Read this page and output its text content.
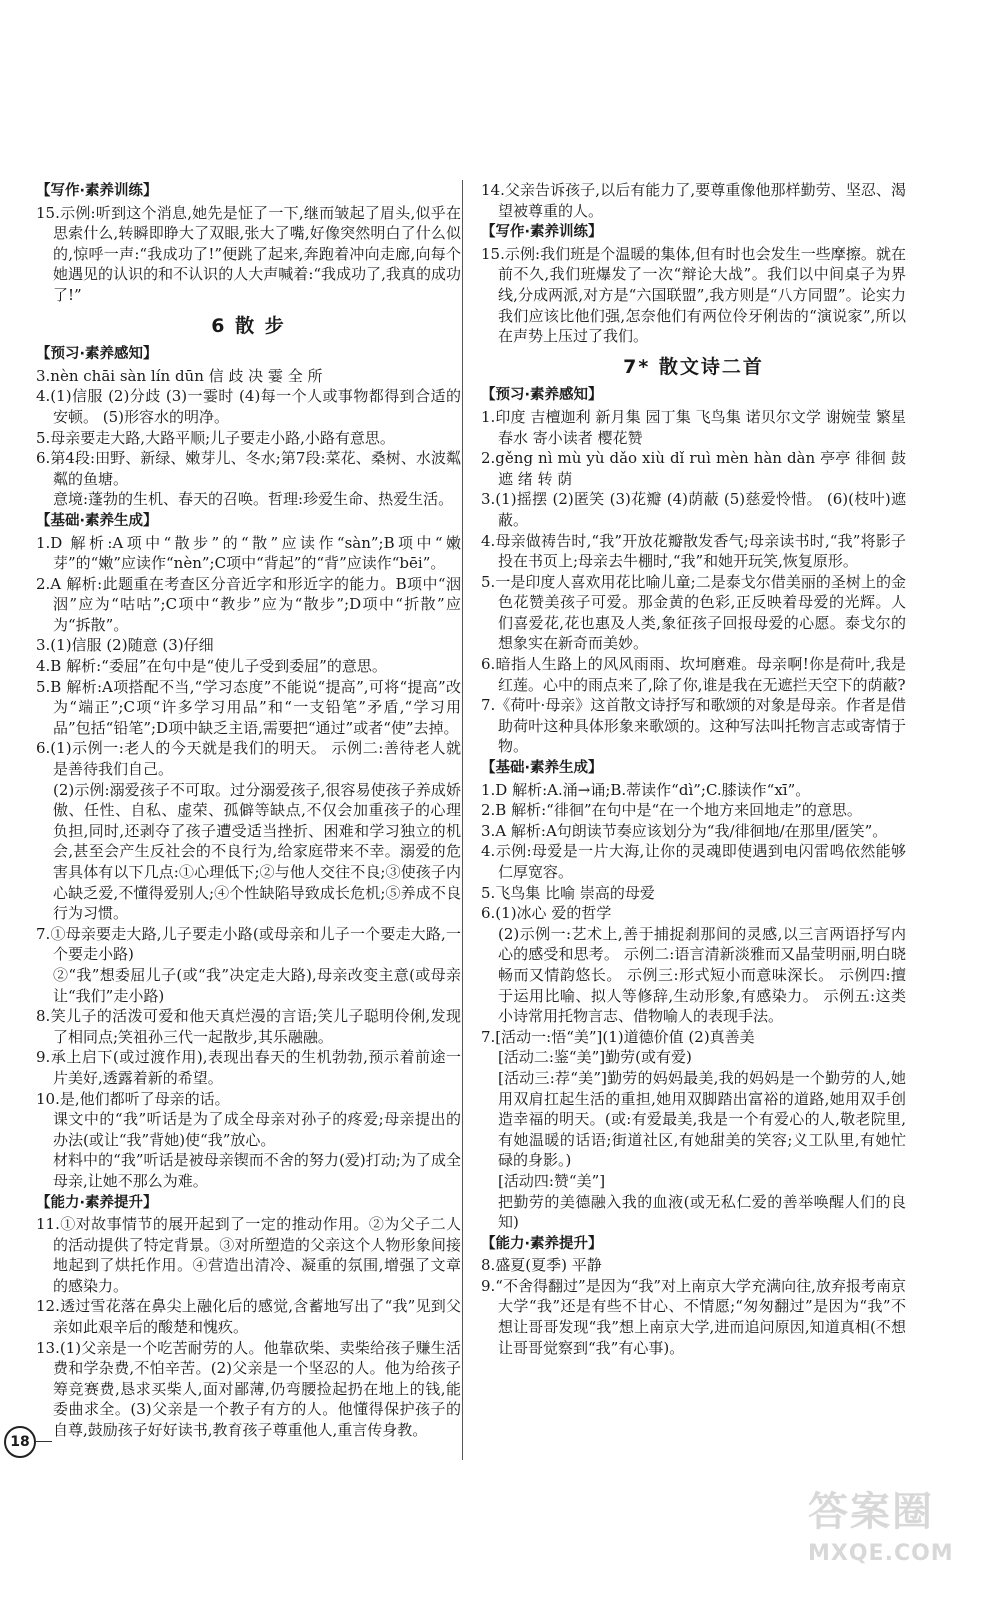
【写作·素养训练】

15.示例:听到这个消息,她先是怔了一下,继而皱起了眉头,似乎在思索什么,转瞬即睁大了双眼,张大了嘴,好像突然明白了什么似的,惊呼一声:“我成功了!”便跳了起来,奔跑着冲向走廊,向每个她遇见的认识的和不认识的人大声喊着:“我成功了,我真的成功了!”

6 散 步
【预习·素养感知】

3.nèn chāi sàn lín dūn 信 歧 决 霎 全 所

4.(1)信服 (2)分歧 (3)一霎时 (4)每一个人或事物都得到合适的安顿。 (5)形容水的明净。

5.母亲要走大路,大路平顺;儿子要走小路,小路有意思。

6.第4段:田野、新绿、嫩芽儿、冬水;第7段:菜花、桑树、水波粼粼的鱼塘。

意境:蓬勃的生机、春天的召唤。哲理:珍爱生命、热爱生活。

【基础·素养生成】

1.D 解析:A项中“散步”的“散”应读作“sàn”;B项中“嫩芽”的“嫩”应读作“nèn”;C项中“背起”的“背”应读作“bēi”。

2.A 解析:此题重在考查区分音近字和形近字的能力。B项中“洇洇”应为“咕咕”;C项中“教步”应为“散步”;D项中“折散”应为“拆散”。

3.(1)信服 (2)随意 (3)仔细

4.B 解析:“委屈”在句中是“使儿子受到委屈”的意思。

5.B 解析:A项搭配不当,“学习态度”不能说“提高”,可将“提高”改为“端正”;C项“许多学习用品”和“一支铅笔”矛盾,“学习用品”包括“铅笔”;D项中缺乏主语,需要把“通过”或者“使”去掉。

6.(1)示例一:老人的今天就是我们的明天。 示例二:善待老人就是善待我们自己。

(2)示例:溺爱孩子不可取。过分溺爱孩子,很容易使孩子养成娇傲、任性、自私、虚荣、孤僻等缺点,不仅会加重孩子的心理负担,同时,还剥夺了孩子遭受适当挫折、困难和学习独立的机会,甚至会产生反社会的不良行为,给家庭带来不幸。溺爱的危害具体有以下几点:①心理低下;②与他人交往不良;③使孩子内心缺乏爱,不懂得爱别人;④个性缺陷导致成长危机;⑤养成不良行为习惯。

7.①母亲要走大路,儿子要走小路(或母亲和儿子一个要走大路,一个要走小路)

②“我”想委屈儿子(或“我”决定走大路),母亲改变主意(或母亲让“我们”走小路)

8.笑儿子的活泼可爱和他天真烂漫的言语;笑儿子聪明伶俐,发现了相同点;笑祖孙三代一起散步,其乐融融。

9.承上启下(或过渡作用),表现出春天的生机勃勃,预示着前途一片美好,透露着新的希望。

10.是,他们都听了母亲的话。

课文中的“我”听话是为了成全母亲对孙子的疼爱;母亲提出的办法(或让“我”背她)使“我”放心。

材料中的“我”听话是被母亲锲而不舍的努力(爱)打动;为了成全母亲,让她不那么为难。

【能力·素养提升】

11.①对故事情节的展开起到了一定的推动作用。②为父子二人的活动提供了特定背景。③对所塑造的父亲这个人物形象间接地起到了烘托作用。④营造出清冷、凝重的氛围,增强了文章的感染力。

12.透过雪花落在鼻尖上融化后的感觉,含蓄地写出了“我”见到父亲如此艰辛后的酸楚和愧疚。

13.(1)父亲是一个吃苦耐劳的人。他靠砍柴、卖柴给孩子赚生活费和学杂费,不怕辛苦。(2)父亲是一个坚忍的人。他为给孩子筹竞赛费,恳求买柴人,面对鄙薄,仍弯腰捡起扔在地上的钱,能委曲求全。(3)父亲是一个教子有方的人。他懂得保护孩子的自尊,鼓励孩子好好读书,教育孩子尊重他人,重言传身教。

14.父亲告诉孩子,以后有能力了,要尊重像他那样勤劳、坚忍、渴望被尊重的人。

【写作·素养训练】

15.示例:我们班是个温暖的集体,但有时也会发生一些摩擦。就在前不久,我们班爆发了一次“辩论大战”。我们以中间桌子为界线,分成两派,对方是“六国联盟”,我方则是“八方同盟”。论实力我们应该比他们强,怎奈他们有两位伶牙俐齿的“演说家”,所以在声势上压过了我们。

7* 散文诗二首
【预习·素养感知】

1.印度 吉檀迦利 新月集 园丁集 飞鸟集 诺贝尔文学 谢婉莹 繁星 春水 寄小读者 樱花赞

2.gěng nì mù yù dǎo xiù dǐ ruì mèn hàn dàn 亭亭 徘徊 鼓 遮 绪 转 荫

3.(1)摇摆 (2)匿笑 (3)花瓣 (4)荫蔽 (5)慈爱怜惜。 (6)(枝叶)遮蔽。

4.母亲做祷告时,“我”开放花瓣散发香气;母亲读书时,“我”将影子投在书页上;母亲去牛棚时,“我”和她开玩笑,恢复原形。

5.一是印度人喜欢用花比喻儿童;二是泰戈尔借美丽的圣树上的金色花赞美孩子可爱。那金黄的色彩,正反映着母爱的光辉。人们喜爱花,花也惠及人类,象征孩子回报母爱的心愿。泰戈尔的想象实在新奇而美妙。

6.暗指人生路上的风风雨雨、坎坷磨难。母亲啊!你是荷叶,我是红莲。心中的雨点来了,除了你,谁是我在无遮拦天空下的荫蔽?

7.《荷叶·母亲》这首散文诗抒写和歌颂的对象是母亲。作者是借助荷叶这种具体形象来歌颂的。这种写法叫托物言志或寄情于物。

【基础·素养生成】

1.D 解析:A.涌→诵;B.蒂读作“dì”;C.膝读作“xī”。

2.B 解析:“徘徊”在句中是“在一个地方来回地走”的意思。

3.A 解析:A句朗读节奏应该划分为“我/徘徊地/在那里/匿笑”。

4.示例:母爱是一片大海,让你的灵魂即使遇到电闪雷鸣依然能够仁厚宽容。

5.飞鸟集 比喻 崇高的母爱

6.(1)冰心 爱的哲学

(2)示例一:艺术上,善于捕捉刹那间的灵感,以三言两语抒写内心的感受和思考。 示例二:语言清新淡雅而又晶莹明丽,明白晓畅而又情韵悠长。 示例三:形式短小而意味深长。 示例四:擅于运用比喻、拟人等修辞,生动形象,有感染力。 示例五:这类小诗常用托物言志、借物喻人的表现手法。

7.[活动一:悟“美”](1)道德价值 (2)真善美

[活动二:鉴“美”]勤劳(或有爱)

[活动三:荐“美”]勤劳的妈妈最美,我的妈妈是一个勤劳的人,她用双肩扛起生活的重担,她用双脚踏出富裕的道路,她用双手创造幸福的明天。(或:有爱最美,我是一个有爱心的人,敬老院里,有她温暖的话语;街道社区,有她甜美的笑容;义工队里,有她忙碌的身影。)

[活动四:赞“美”]

把勤劳的美德融入我的血液(或无私仁爱的善举唤醒人们的良知)

【能力·素养提升】

8.盛夏(夏季) 平静

9.“不舍得翻过”是因为“我”对上南京大学充满向往,放弃报考南京大学“我”还是有些不甘心、不情愿;“匆匆翻过”是因为“我”不想让哥哥发现“我”想上南京大学,进而追问原因,知道真相(不想让哥哥觉察到“我”有心事)。

18
答案圈
MXQE.COM
